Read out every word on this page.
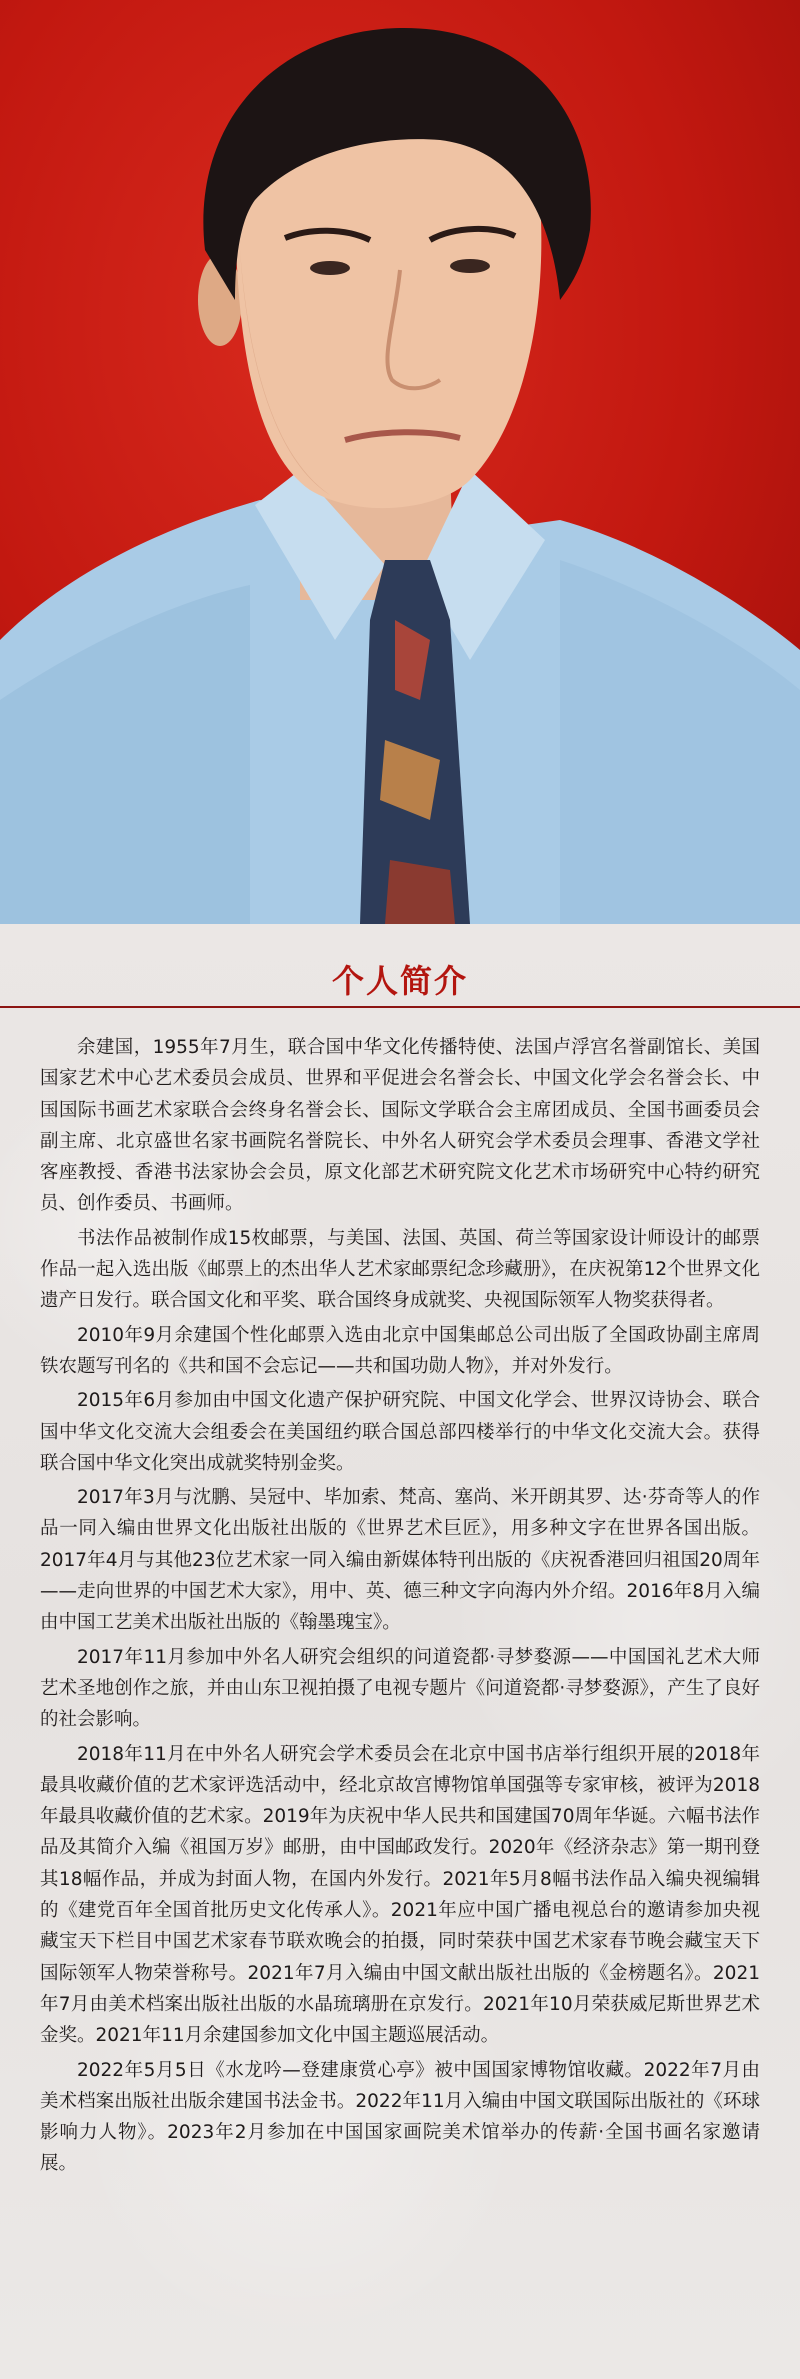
个人简介

余建国，1955年7月生，联合国中华文化传播特使、法国卢浮宫名誉副馆长、美国国家艺术中心艺术委员会成员、世界和平促进会名誉会长、中国文化学会名誉会长、中国国际书画艺术家联合会终身名誉会长、国际文学联合会主席团成员、全国书画委员会副主席、北京盛世名家书画院名誉院长、中外名人研究会学术委员会理事、香港文学社客座教授、香港书法家协会会员，原文化部艺术研究院文化艺术市场研究中心特约研究员、创作委员、书画师。

书法作品被制作成15枚邮票，与美国、法国、英国、荷兰等国家设计师设计的邮票作品一起入选出版《邮票上的杰出华人艺术家邮票纪念珍藏册》，在庆祝第12个世界文化遗产日发行。联合国文化和平奖、联合国终身成就奖、央视国际领军人物奖获得者。

2010年9月余建国个性化邮票入选由北京中国集邮总公司出版了全国政协副主席周铁农题写刊名的《共和国不会忘记——共和国功勋人物》，并对外发行。

2015年6月参加由中国文化遗产保护研究院、中国文化学会、世界汉诗协会、联合国中华文化交流大会组委会在美国纽约联合国总部四楼举行的中华文化交流大会。获得联合国中华文化突出成就奖特别金奖。

2017年3月与沈鹏、吴冠中、毕加索、梵高、塞尚、米开朗其罗、达·芬奇等人的作品一同入编由世界文化出版社出版的《世界艺术巨匠》，用多种文字在世界各国出版。2017年4月与其他23位艺术家一同入编由新媒体特刊出版的《庆祝香港回归祖国20周年——走向世界的中国艺术大家》，用中、英、德三种文字向海内外介绍。2016年8月入编由中国工艺美术出版社出版的《翰墨瑰宝》。

2017年11月参加中外名人研究会组织的问道瓷都·寻梦婺源——中国国礼艺术大师艺术圣地创作之旅，并由山东卫视拍摄了电视专题片《问道瓷都·寻梦婺源》，产生了良好的社会影响。

2018年11月在中外名人研究会学术委员会在北京中国书店举行组织开展的2018年最具收藏价值的艺术家评选活动中，经北京故宫博物馆单国强等专家审核，被评为2018年最具收藏价值的艺术家。2019年为庆祝中华人民共和国建国70周年华诞。六幅书法作品及其简介入编《祖国万岁》邮册，由中国邮政发行。2020年《经济杂志》第一期刊登其18幅作品，并成为封面人物，在国内外发行。2021年5月8幅书法作品入编央视编辑的《建党百年全国首批历史文化传承人》。2021年应中国广播电视总台的邀请参加央视藏宝天下栏目中国艺术家春节联欢晚会的拍摄，同时荣获中国艺术家春节晚会藏宝天下国际领军人物荣誉称号。2021年7月入编由中国文献出版社出版的《金榜题名》。2021年7月由美术档案出版社出版的水晶琉璃册在京发行。2021年10月荣获威尼斯世界艺术金奖。2021年11月余建国参加文化中国主题巡展活动。

2022年5月5日《水龙吟—登建康赏心亭》被中国国家博物馆收藏。2022年7月由美术档案出版社出版余建国书法金书。2022年11月入编由中国文联国际出版社的《环球影响力人物》。2023年2月参加在中国国家画院美术馆举办的传薪·全国书画名家邀请展。
